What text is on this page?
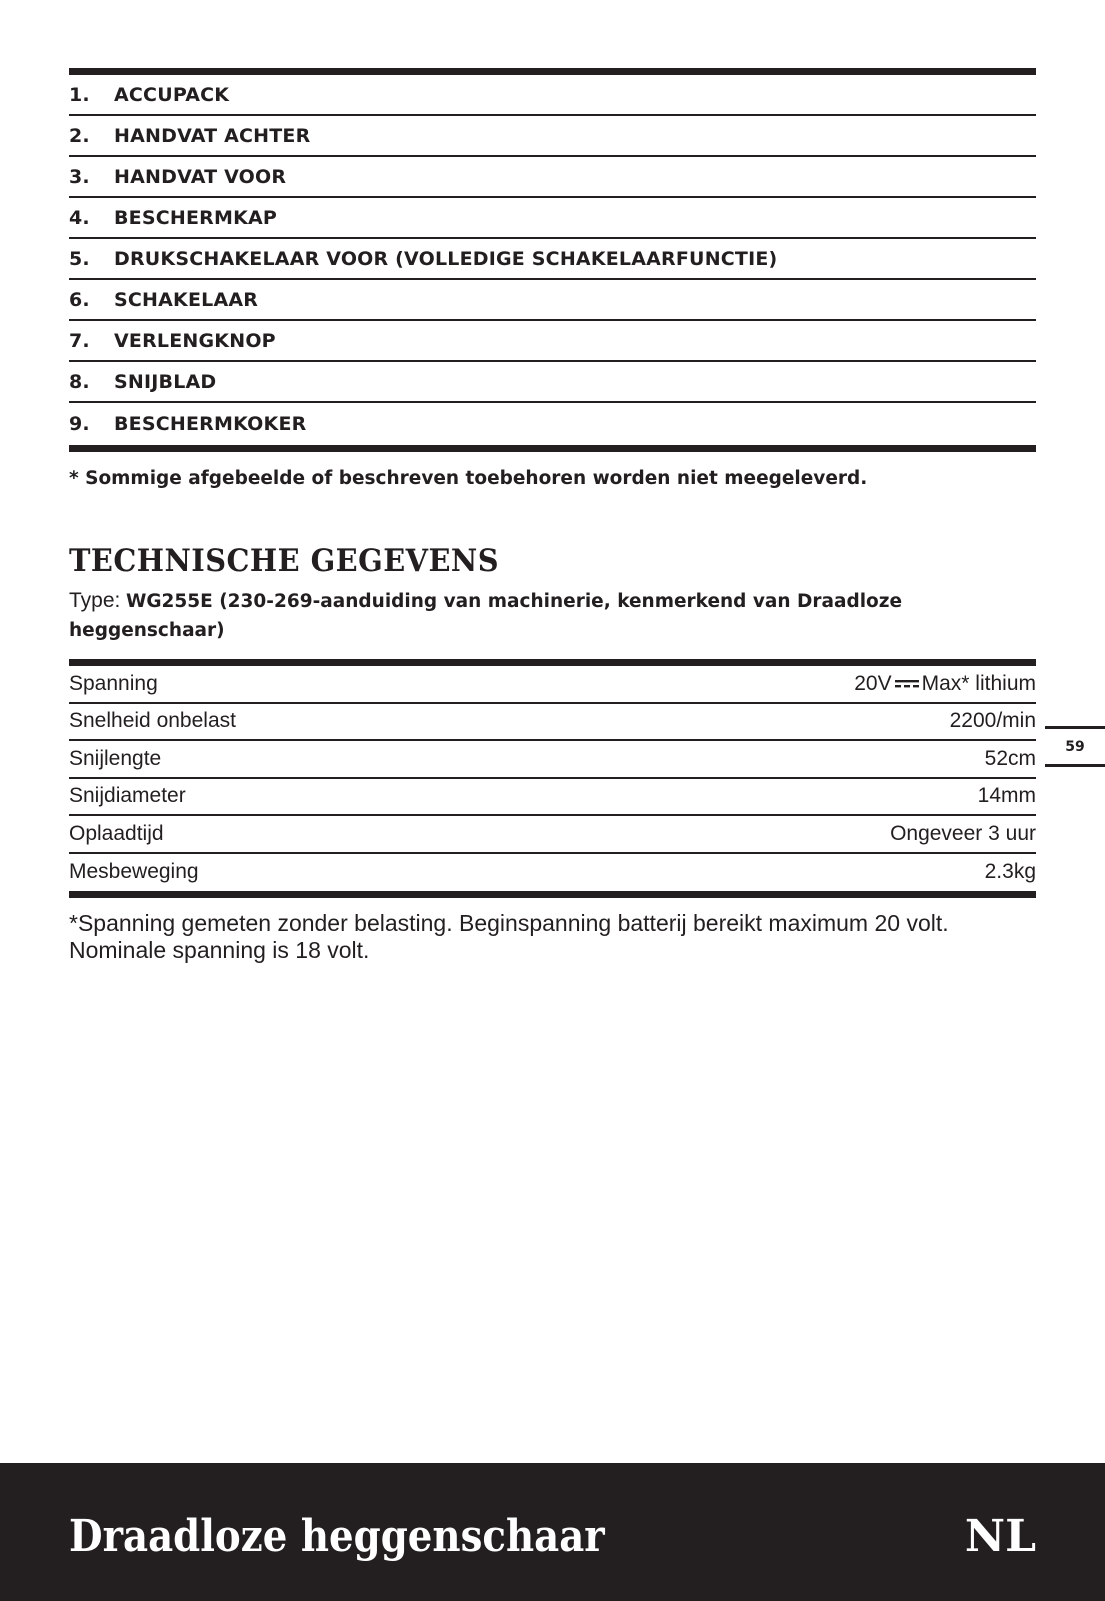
1.	ACCUPACK
2.	HANDVAT ACHTER
3.	HANDVAT VOOR
4.	BESCHERMKAP
5.	DRUKSCHAKELAAR VOOR (VOLLEDIGE SCHAKELAARFUNCTIE)
6.	SCHAKELAAR
7.	VERLENGKNOP
8.	SNIJBLAD
9.	BESCHERMKOKER
* Sommige afgebeelde of beschreven toebehoren worden niet meegeleverd.
TECHNISCHE GEGEVENS
Type: WG255E (230-269-aanduiding van machinerie, kenmerkend van Draadloze heggenschaar)
Spanning	20V Max* lithium
Snelheid onbelast	2200/min
Snijlengte	52cm
Snijdiameter	14mm
Oplaadtijd	Ongeveer 3 uur
Mesbeweging	2.3kg
*Spanning gemeten zonder belasting. Beginspanning batterij bereikt maximum 20 volt. Nominale spanning is 18 volt.
59
Draadloze heggenschaar	NL
